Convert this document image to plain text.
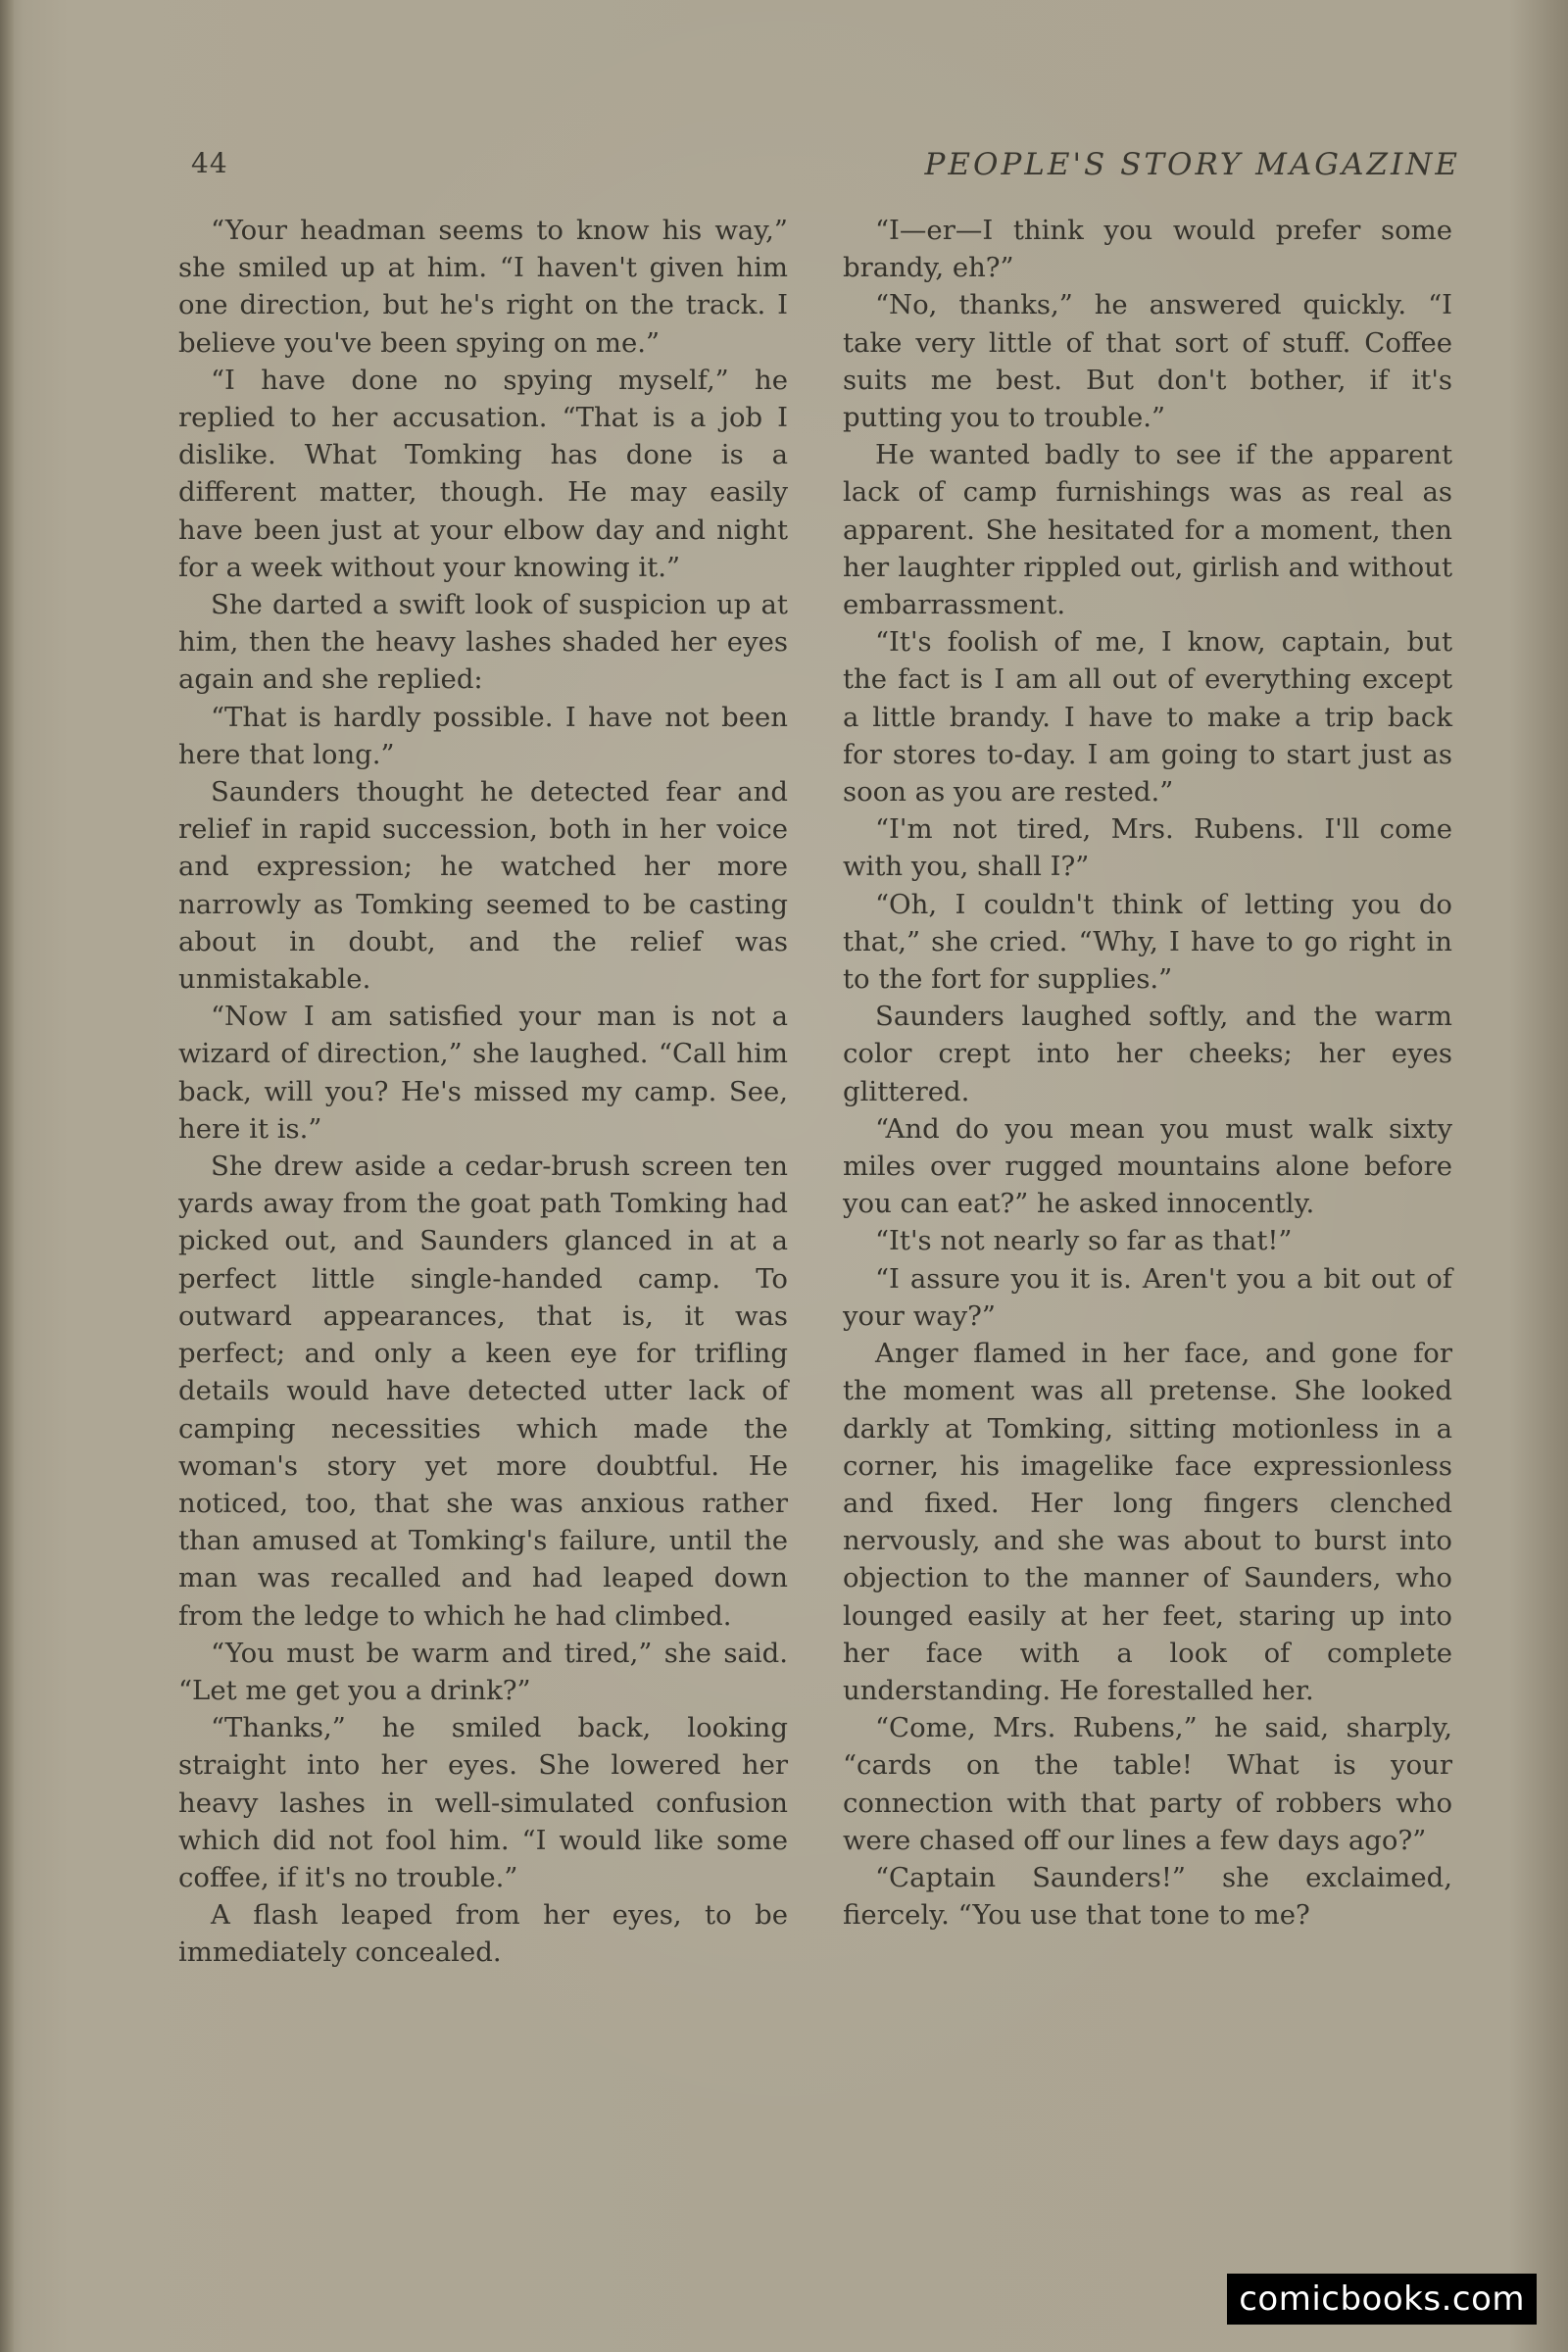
44	PEOPLE'S STORY MAGAZINE

“Your headman seems to know his way,” she smiled up at him. “I haven't given him one direction, but he's right on the track. I believe you've been spying on me.”

“I have done no spying myself,” he replied to her accusation. “That is a job I dislike. What Tomking has done is a different matter, though. He may easily have been just at your elbow day and night for a week without your knowing it.”

She darted a swift look of suspicion up at him, then the heavy lashes shaded her eyes again and she replied:

“That is hardly possible. I have not been here that long.”

Saunders thought he detected fear and relief in rapid succession, both in her voice and expression; he watched her more narrowly as Tomking seemed to be casting about in doubt, and the relief was unmistakable.

“Now I am satisfied your man is not a wizard of direction,” she laughed. “Call him back, will you? He's missed my camp. See, here it is.”

She drew aside a cedar-brush screen ten yards away from the goat path Tomking had picked out, and Saunders glanced in at a perfect little single-handed camp. To outward appearances, that is, it was perfect; and only a keen eye for trifling details would have detected utter lack of camping necessities which made the woman's story yet more doubtful. He noticed, too, that she was anxious rather than amused at Tomking's failure, until the man was recalled and had leaped down from the ledge to which he had climbed.

“You must be warm and tired,” she said. “Let me get you a drink?”

“Thanks,” he smiled back, looking straight into her eyes. She lowered her heavy lashes in well-simulated confusion which did not fool him. “I would like some coffee, if it's no trouble.”

A flash leaped from her eyes, to be immediately concealed.

“I—er—I think you would prefer some brandy, eh?”

“No, thanks,” he answered quickly. “I take very little of that sort of stuff. Coffee suits me best. But don't bother, if it's putting you to trouble.”

He wanted badly to see if the apparent lack of camp furnishings was as real as apparent. She hesitated for a moment, then her laughter rippled out, girlish and without embarrassment.

“It's foolish of me, I know, captain, but the fact is I am all out of everything except a little brandy. I have to make a trip back for stores to-day. I am going to start just as soon as you are rested.”

“I'm not tired, Mrs. Rubens. I'll come with you, shall I?”

“Oh, I couldn't think of letting you do that,” she cried. “Why, I have to go right in to the fort for supplies.”

Saunders laughed softly, and the warm color crept into her cheeks; her eyes glittered.

“And do you mean you must walk sixty miles over rugged mountains alone before you can eat?” he asked innocently.

“It's not nearly so far as that!”

“I assure you it is. Aren't you a bit out of your way?”

Anger flamed in her face, and gone for the moment was all pretense. She looked darkly at Tomking, sitting motionless in a corner, his imagelike face expressionless and fixed. Her long fingers clenched nervously, and she was about to burst into objection to the manner of Saunders, who lounged easily at her feet, staring up into her face with a look of complete understanding. He forestalled her.

“Come, Mrs. Rubens,” he said, sharply, “cards on the table! What is your connection with that party of robbers who were chased off our lines a few days ago?”

“Captain Saunders!” she exclaimed, fiercely. “You use that tone to me?

comicbooks.com
